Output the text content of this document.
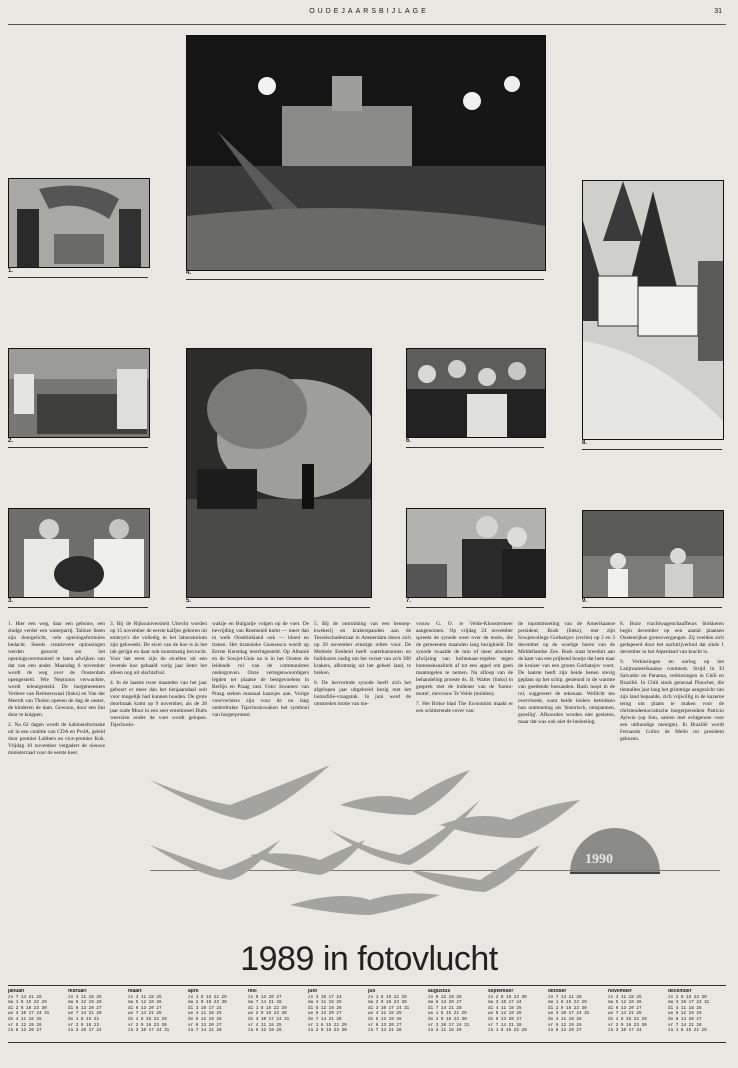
OUDEJAARSBIJLAGE	31
4.
1.
8.
2.
5.
6.
3.	7.	9.

1. Hier een weg, daar een gebouw, een sludge verder een waterpartij. Talloze listen zijn doorgelicht, vele openingsformules bedacht. Steeds creatievere oplossingen werden gezocht om het openingsceremonieel te laten afwijken van dat van een ander. Maandag 6 november wordt de weg over de Oosterdam opengesteld. Wie Neptunus verwachtte, wordt teleurgesteld. De burgemeesters Verbree van Reimerswaal (links) en Van der Meerdt van Tholen openen de dag de oester, de kinderen de dam. Gewoon, door een lint door te knippen.

2. Na 62 dagen wordt de kabinetsformatie uit in een coalitie van CDA en PvdA, geleid door premier Lubbers en vice-premier Kok. Vrijdag 10 november vergadert de nieuwe ministerraad voor de eerste keer.

3. Bij de Rijksuniversiteit Utrecht worden op 15 november de eerste kalfjes geboren uit embryo's die volledig in het laboratorium zijn gekweekt. De eicel van de koe is in het lab gerijpt en daar ook kunstmatig bevrucht. Voor het eerst zijn de eicellen uit een levende koe gehaald vorig jaar lieter het alleen nog uit slachtafval.

4. In de laatste twee maanden van het jaar geboort er meer dan het tienjaarsdaal ooit voor mogelijk had kunnen houden. De grote doorbraak komt op 9 november, als de 28 jaar oude Muur in een zeer emotioneel Duits weerzien onder de voet wordt gelopen. Tsjechoslo-

wakije en Bulgarije volgen op de voet. De bevrijding van Roemenië komt — meer dan in welk Oostblokland ook — bloed en tranen. Het tirannieke Ceausescu wordt op Eerste Kerstdag terechtgesteld. Op Albanië en de Sowjet-Unie na is in het Oosten de leidende rol van de communisten ondergraven. Onze vertegenwoordigers legden ter plaatse de bestgevoelens in Berlijn en Praag vast. Foto: Iswanerc van Praag steken massaal kaarsjes aan. Vurige voorvechters zijn voor de nu lang onderdrukte Tsjechoslowaken het symbool van burgerprotest.

5. Bij de ontruiming van een hennep-kwekerij en krakerspanden aan de Tesselschadestraat in Amsterdam duren zich op 20 november ernstige rellen voor. De Mobiele Eenheid heeft waterkanonnen en bulldozers nodig om het verzet van zo'n 300 krakers, afkomstig uit het geheel land, te breken.

6. De hervormde synode heeft zich het afgelopen jaar uitgebreid bezig met het homofilie-vraagstuk. In juni werd de omstreden motie van me-

vrouw G. O. te Velde-Kloostermeer aangenomen. Op vrijdag 24 november spreekt de synode weer over de motie, die de gemeenten maanden lang bezighield. De synode twaalde de min of meer absolute afwijzing van luchtenaar-regelen tegen homoseksualiteit af tot een appel om geen maatregelen te nemen. Na afloop van de behandeling proeste ds. B. Walter (links) in gesprek met de indiener van de 'homo-motie', mevrouw Te Velde (midden).

7. Het Britse blad The Economist maakt er een schitterende cover van:

de topontmoeting van de Amerikaanse president, Bush (links), met zijn Sowjetcollega Gorbatsjov (rechts) op 2 en 3 december op de woelige baren van de Middellandse Zee. Bush staat breeduit aan de kant van een prijkend bootje dat hem naar de kruiser van een groots Gorbatsjov voert. De laatste heeft zijn beide benen stevig geplant op het schip, gesteund in de warmte van goedende hossanden. Bush loopt in de rol, suggereert de tekenaar. Wellicht ten overvloede, want beide leiders betrekken hun ontmoeting als 'historisch, ontspannen, gezellig'. Afkoorden worden niet gesloten, maar dat was ook niet de bedoeling.

8. Boze vrachtwagenchauffeurs blokkeren begin december op een aantal plaatsen Oostenrijkse grensovergangen. Zij voelden zich gedupeerd door het nachtrijverbod dat sinds 1 december in het Alpenland van kracht is.

9. Verkiezingen en oorlog op het Latijnsamerikaanse continent. Strijd in El Salvador en Panama, verkiezingen in Chili en Brazilië. In Chili sinds generaal Pinochet, die tientallen jaar lang het grimmige aangezicht van zijn land bepaalde, zich vrijwillig in de kazerne terug om plaats te maken voor de christendemocratische burgerpresident Patricio Aylwin (op foto, samen met echtgenote voor een uitbundige menigte). In Brazilië wordt Fernando Collor de Mello tot president gekozen.

1990
1989 in fotovlucht
januari
zo 7 14 21 28
ma 1 8 15 22 29
di 2 9 16 23 30
wo 3 10 17 24 31
do 4 11 18 25
vr 5 12 19 26
za 6 13 20 27
februari
zo 4 11 18 25
ma 5 12 19 26
di 6 13 20 27
wo 7 14 21 28
do 1 8 15 22
vr 2 9 16 23
za 3 10 17 24
maart
zo 4 11 18 25
ma 5 12 19 26
di 6 13 20 27
wo 7 14 21 28
do 1 8 15 22 29
vr 2 9 16 23 30
za 3 10 17 24 31
april
zo 1 8 15 22 29
ma 2 9 16 23 30
di 3 10 17 24
wo 4 11 18 25
do 5 12 19 26
vr 6 13 20 27
za 7 14 21 28
mei
zo 6 13 20 27
ma 7 14 21 28
di 1 8 15 22 29
wo 2 9 16 23 30
do 3 10 17 24 31
vr 4 11 18 25
za 5 12 19 26
juni
zo 3 10 17 24
ma 4 11 18 25
di 5 12 19 26
wo 6 13 20 27
do 7 14 21 28
vr 1 8 15 22 29
za 2 9 16 23 30
juli
zo 1 8 15 22 29
ma 2 9 16 23 30
di 3 10 17 24 31
wo 4 11 18 25
do 5 12 19 26
vr 6 13 20 27
za 7 14 21 28
augustus
zo 5 12 19 26
ma 6 13 20 27
di 7 14 21 28
wo 1 8 15 22 29
do 2 9 16 23 30
vr 3 10 17 24 31
za 4 11 18 25
september
zo 2 9 16 23 30
ma 3 10 17 24
di 4 11 18 25
wo 5 12 19 26
do 6 13 20 27
vr 7 14 21 28
za 1 8 15 22 29
oktober
zo 7 14 21 28
ma 1 8 15 22 29
di 2 9 16 23 30
wo 3 10 17 24 31
do 4 11 18 25
vr 5 12 19 26
za 6 13 20 27
november
zo 4 11 18 25
ma 5 12 19 26
di 6 13 20 27
wo 7 14 21 28
do 1 8 15 22 29
vr 2 9 16 23 30
za 3 10 17 24
december
zo 2 9 16 23 30
ma 3 10 17 24 31
di 4 11 18 25
wo 5 12 19 26
do 6 13 20 27
vr 7 14 21 28
za 1 8 15 22 29
